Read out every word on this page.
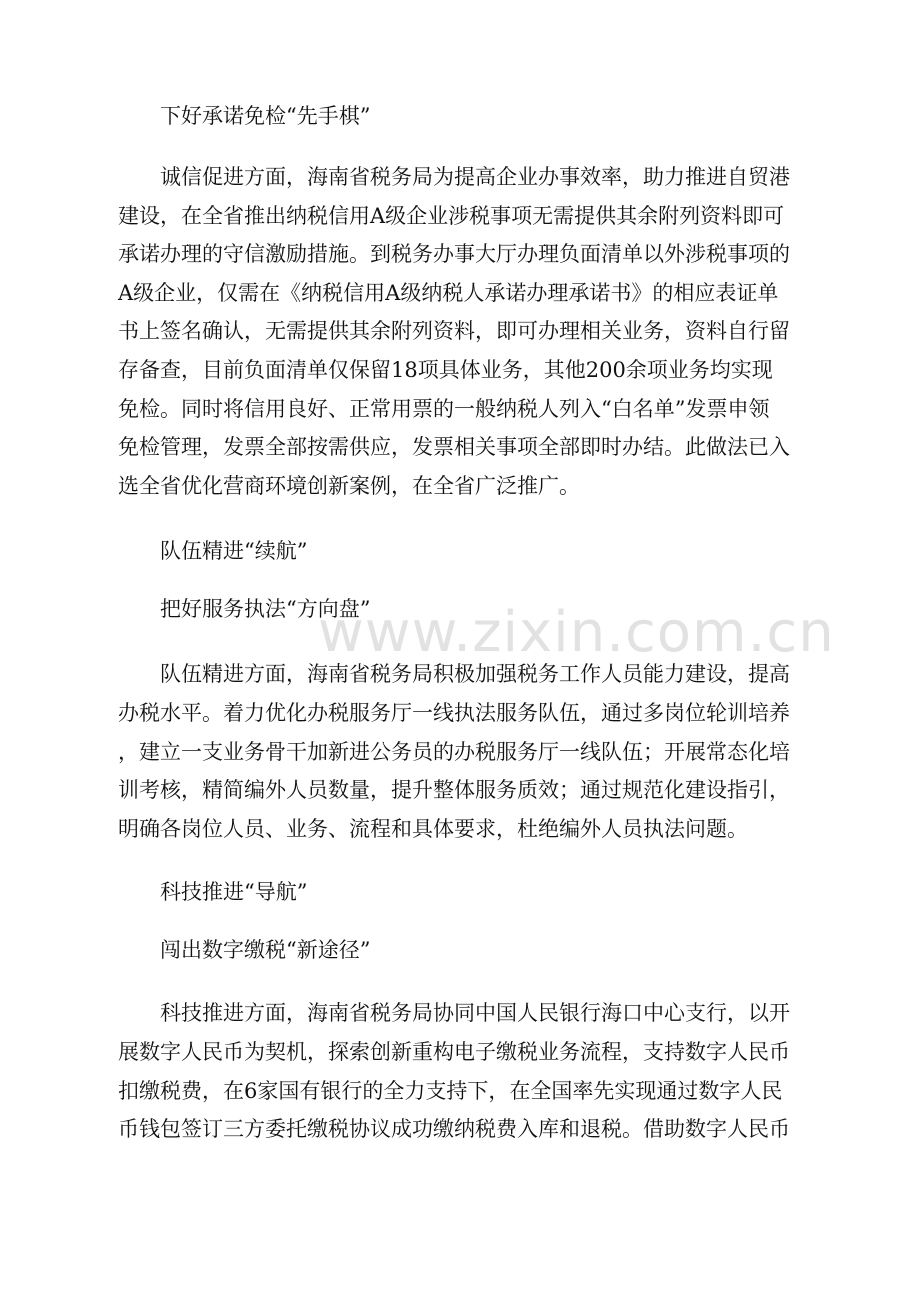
下好承诺免检“先手棋”

诚信促进方面，海南省税务局为提高企业办事效率，助力推进自贸港
建设，在全省推出纳税信用A级企业涉税事项无需提供其余附列资料即可
承诺办理的守信激励措施。到税务办事大厅办理负面清单以外涉税事项的
A级企业，仅需在《纳税信用A级纳税人承诺办理承诺书》的相应表证单
书上签名确认，无需提供其余附列资料，即可办理相关业务，资料自行留
存备查，目前负面清单仅保留18项具体业务，其他200余项业务均实现
免检。同时将信用良好、正常用票的一般纳税人列入“白名单”发票申领
免检管理，发票全部按需供应，发票相关事项全部即时办结。此做法已入
选全省优化营商环境创新案例，在全省广泛推广。

队伍精进“续航”

把好服务执法“方向盘”

队伍精进方面，海南省税务局积极加强税务工作人员能力建设，提高
办税水平。着力优化办税服务厅一线执法服务队伍，通过多岗位轮训培养
，建立一支业务骨干加新进公务员的办税服务厅一线队伍；开展常态化培
训考核，精简编外人员数量，提升整体服务质效；通过规范化建设指引，
明确各岗位人员、业务、流程和具体要求，杜绝编外人员执法问题。

科技推进“导航”

闯出数字缴税“新途径”

科技推进方面，海南省税务局协同中国人民银行海口中心支行，以开
展数字人民币为契机，探索创新重构电子缴税业务流程，支持数字人民币
扣缴税费，在6家国有银行的全力支持下，在全国率先实现通过数字人民
币钱包签订三方委托缴税协议成功缴纳税费入库和退税。借助数字人民币
www.zixin.com.cn
